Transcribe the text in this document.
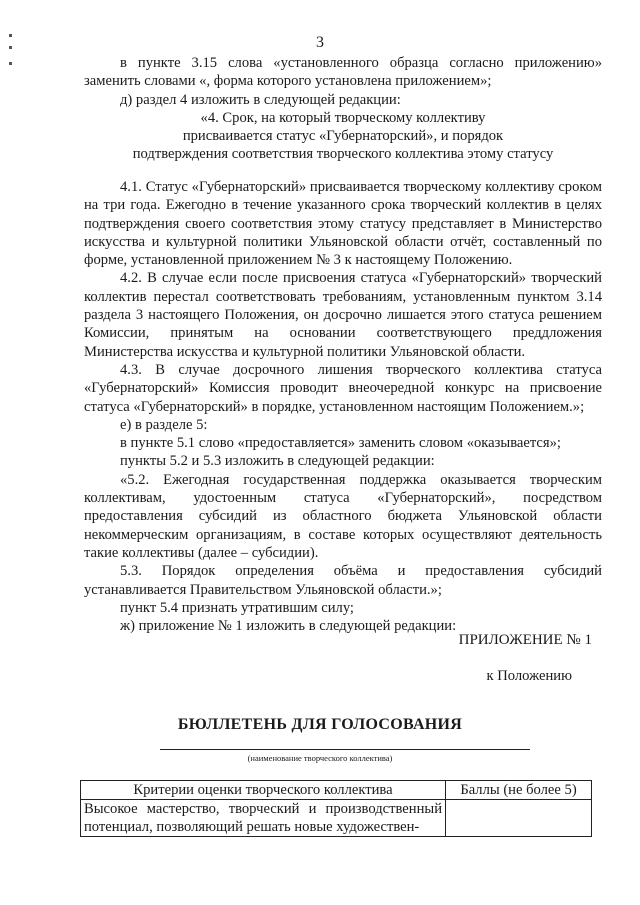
3

в пункте 3.15 слова «установленного образца согласно приложению» заменить словами «, форма которого установлена приложением»;

д) раздел 4 изложить в следующей редакции:

«4. Срок, на который творческому коллективу

присваивается статус «Губернаторский», и порядок

подтверждения соответствия творческого коллектива этому статусу

4.1. Статус «Губернаторский» присваивается творческому коллективу сроком на три года. Ежегодно в течение указанного срока творческий коллектив в целях подтверждения своего соответствия этому статусу представляет в Министерство искусства и культурной политики Ульяновской области отчёт, составленный по форме, установленной приложением № 3 к настоящему Положению.

4.2. В случае если после присвоения статуса «Губернаторский» творческий коллектив перестал соответствовать требованиям, установленным пунктом 3.14 раздела 3 настоящего Положения, он досрочно лишается этого статуса решением Комиссии, принятым на основании соответствующего преддложения Министерства искусства и культурной политики Ульяновской области.

4.3. В случае досрочного лишения творческого коллектива статуса «Губернаторский» Комиссия проводит внеочередной конкурс на присвоение статуса «Губернаторский» в порядке, установленном настоящим Положением.»;

е) в разделе 5:

в пункте 5.1 слово «предоставляется» заменить словом «оказывается»;

пункты 5.2 и 5.3 изложить в следующей редакции:

«5.2. Ежегодная государственная поддержка оказывается творческим коллективам, удостоенным статуса «Губернаторский», посредством предоставления субсидий из областного бюджета Ульяновской области некоммерческим организациям, в составе которых осуществляют деятельность такие коллективы (далее – субсидии).

5.3. Порядок определения объёма и предоставления субсидий устанавливается Правительством Ульяновской области.»;

пункт 5.4 признать утратившим силу;

ж) приложение № 1 изложить в следующей редакции:

ПРИЛОЖЕНИЕ № 1
к Положению
БЮЛЛЕТЕНЬ ДЛЯ ГОЛОСОВАНИЯ
(наименование творческого коллектива)
Критерии оценки творческого коллектива	Баллы (не более 5)
Высокое мастерство, творческий и производственный потенциал, позволяющий решать новые художествен-	
